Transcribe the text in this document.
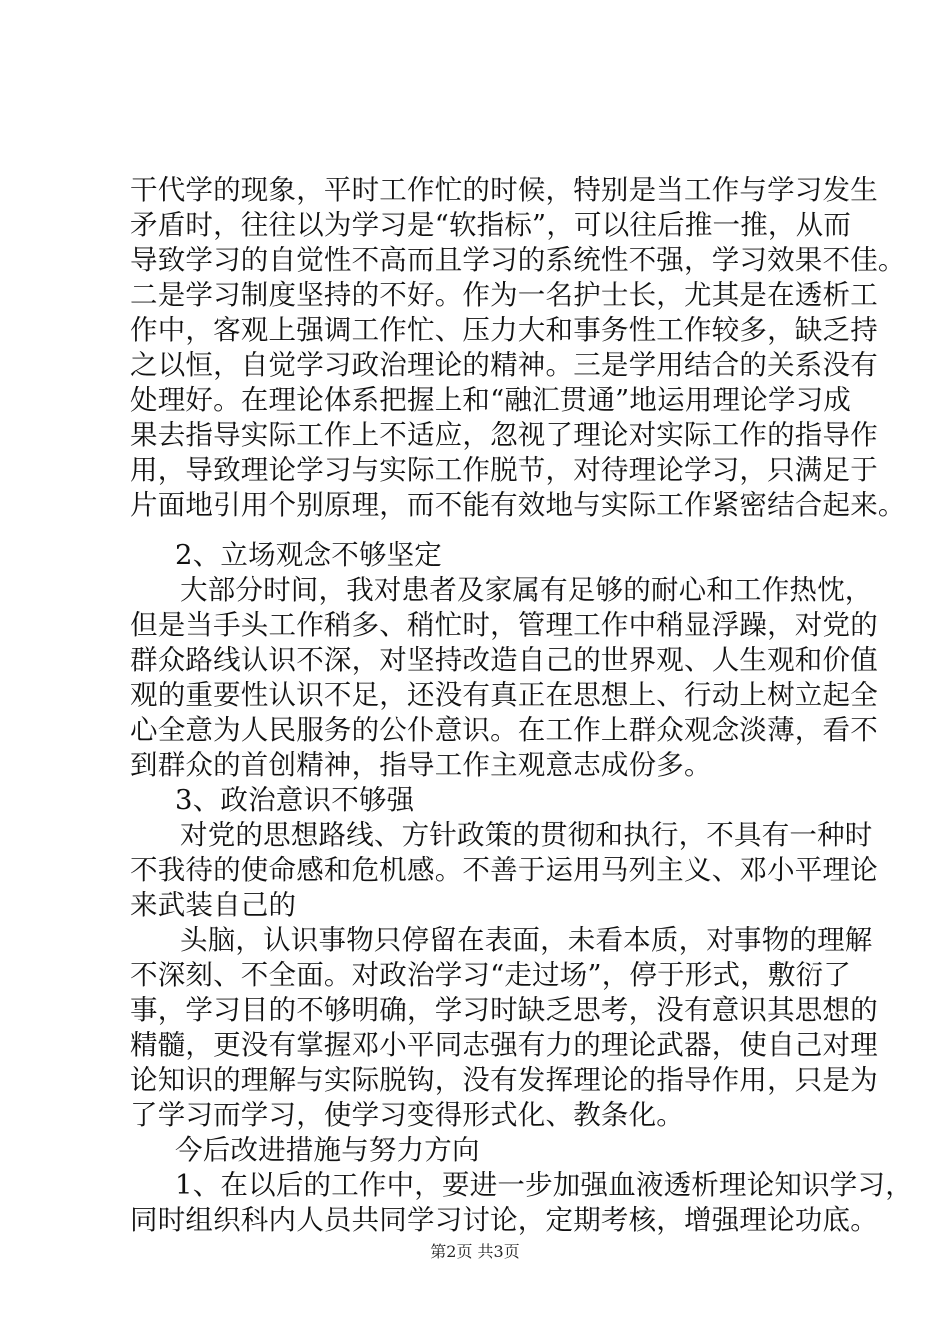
干代学的现象，平时工作忙的时候，特别是当工作与学习发生
矛盾时，往往以为学习是“软指标”，可以往后推一推，从而
导致学习的自觉性不高而且学习的系统性不强，学习效果不佳。
二是学习制度坚持的不好。作为一名护士长，尤其是在透析工
作中，客观上强调工作忙、压力大和事务性工作较多，缺乏持
之以恒，自觉学习政治理论的精神。三是学用结合的关系没有
处理好。在理论体系把握上和“融汇贯通”地运用理论学习成
果去指导实际工作上不适应，忽视了理论对实际工作的指导作
用，导致理论学习与实际工作脱节，对待理论学习，只满足于
片面地引用个别原理，而不能有效地与实际工作紧密结合起来。
2、立场观念不够坚定
大部分时间，我对患者及家属有足够的耐心和工作热忱，
但是当手头工作稍多、稍忙时，管理工作中稍显浮躁，对党的
群众路线认识不深，对坚持改造自己的世界观、人生观和价值
观的重要性认识不足，还没有真正在思想上、行动上树立起全
心全意为人民服务的公仆意识。在工作上群众观念淡薄，看不
到群众的首创精神，指导工作主观意志成份多。
3、政治意识不够强
对党的思想路线、方针政策的贯彻和执行，不具有一种时
不我待的使命感和危机感。不善于运用马列主义、邓小平理论
来武装自己的
头脑，认识事物只停留在表面，未看本质，对事物的理解
不深刻、不全面。对政治学习“走过场”，停于形式，敷衍了
事，学习目的不够明确，学习时缺乏思考，没有意识其思想的
精髓，更没有掌握邓小平同志强有力的理论武器，使自己对理
论知识的理解与实际脱钩，没有发挥理论的指导作用，只是为
了学习而学习，使学习变得形式化、教条化。
今后改进措施与努力方向
1、在以后的工作中，要进一步加强血液透析理论知识学习，
同时组织科内人员共同学习讨论，定期考核，增强理论功底。
第2页 共3页
